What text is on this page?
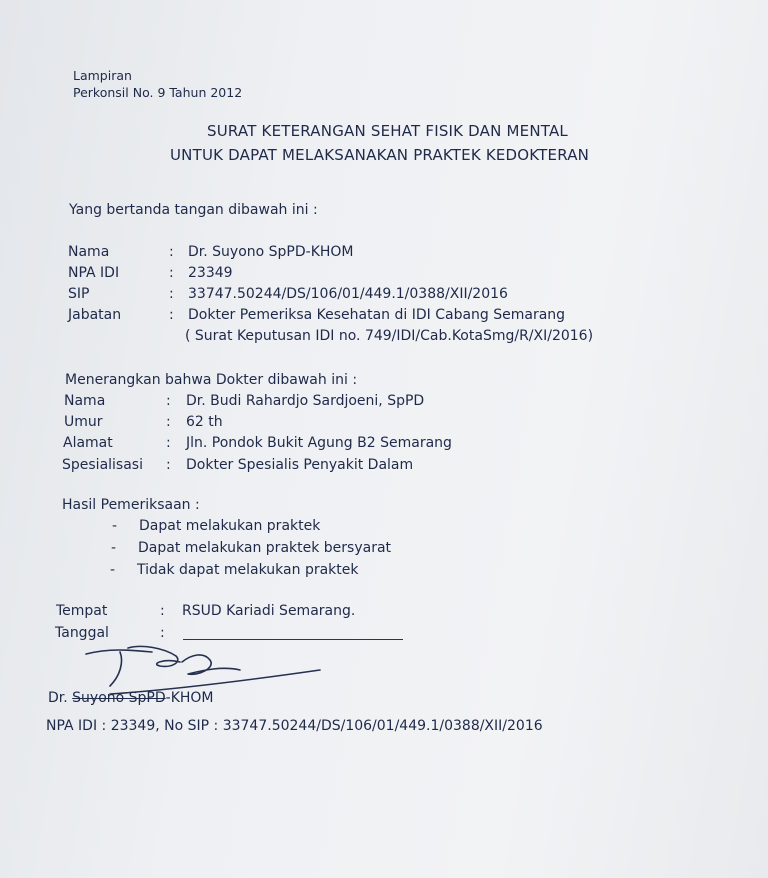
Lampiran
Perkonsil No. 9 Tahun 2012
SURAT KETERANGAN SEHAT FISIK DAN MENTAL
UNTUK DAPAT MELAKSANAKAN PRAKTEK KEDOKTERAN
Yang bertanda tangan dibawah ini :
Nama	: Dr. Suyono SpPD-KHOM
NPA IDI	: 23349
SIP	: 33747.50244/DS/106/01/449.1/0388/XII/2016
Jabatan	: Dokter Pemeriksa Kesehatan di IDI Cabang Semarang
( Surat Keputusan IDI no. 749/IDI/Cab.KotaSmg/R/XI/2016)
Menerangkan bahwa Dokter dibawah ini :
Nama	: Dr. Budi Rahardjo Sardjoeni, SpPD
Umur	: 62 th
Alamat	: Jln. Pondok Bukit Agung B2 Semarang
Spesialisasi : Dokter Spesialis Penyakit Dalam
Hasil Pemeriksaan :
- Dapat melakukan praktek
- Dapat melakukan praktek bersyarat
- Tidak dapat melakukan praktek
Tempat	: RSUD Kariadi Semarang.
Tanggal	:
Dr. Suyono SpPD-KHOM
NPA IDI : 23349, No SIP : 33747.50244/DS/106/01/449.1/0388/XII/2016
